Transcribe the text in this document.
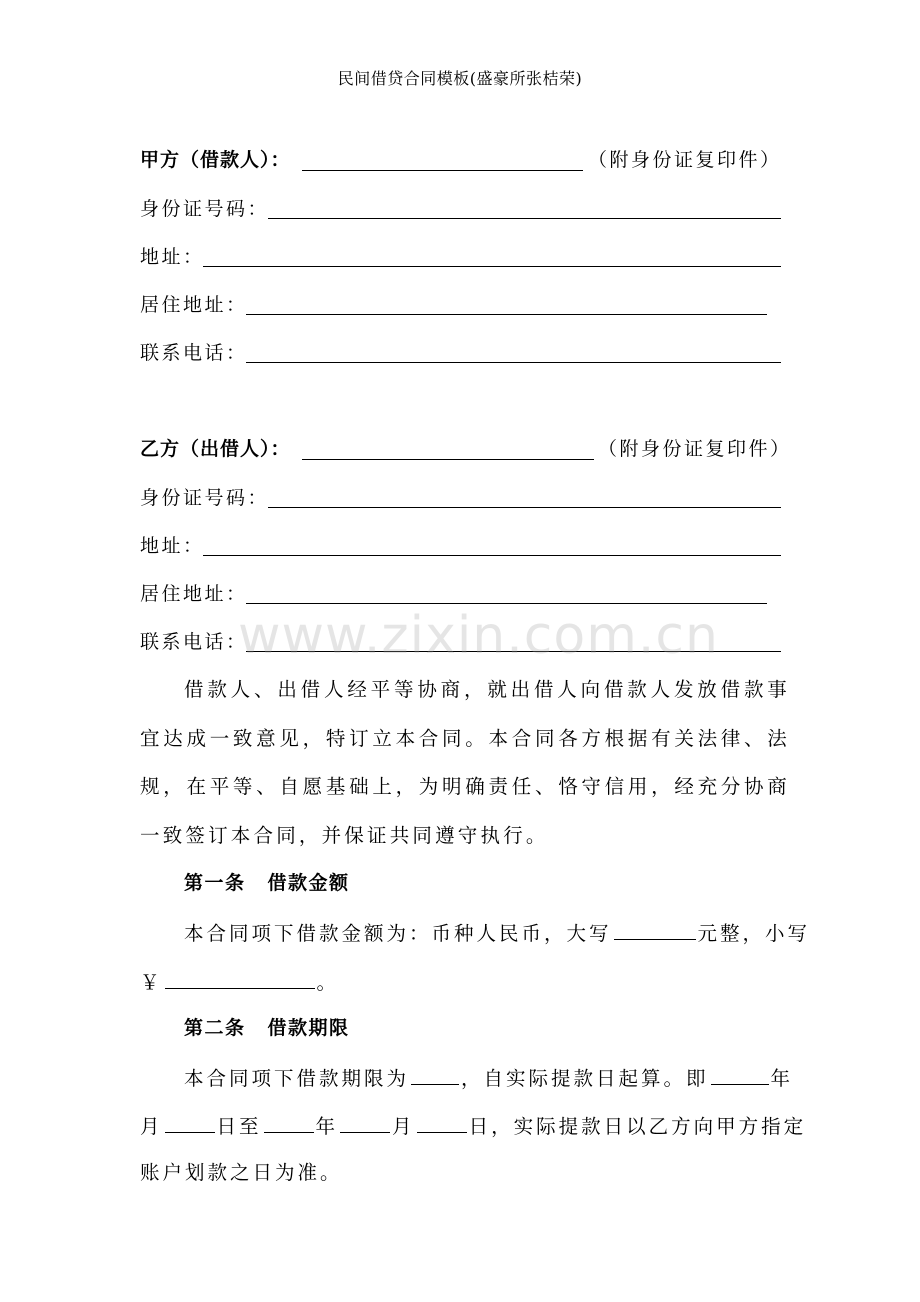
民间借贷合同模板(盛豪所张桔荣)
甲方（借款人）：	（附身份证复印件）
身份证号码：
地址：
居住地址：
联系电话：
乙方（出借人）：	（附身份证复印件）
身份证号码：
地址：
居住地址：
联系电话：
www.zixin.com.cn

借款人、出借人经平等协商，就出借人向借款人发放借款事宜达成一致意见，特订立本合同。本合同各方根据有关法律、法规，在平等、自愿基础上，为明确责任、恪守信用，经充分协商一致签订本合同，并保证共同遵守执行。

第一条 借款金额
本合同项下借款金额为：币种人民币，大写	元整，小写
￥	。
第二条 借款期限
本合同项下借款期限为	，自实际提款日起算。即	年
月	日至	年	月	日，实际提款日以乙方向甲方指定
账户划款之日为准。
